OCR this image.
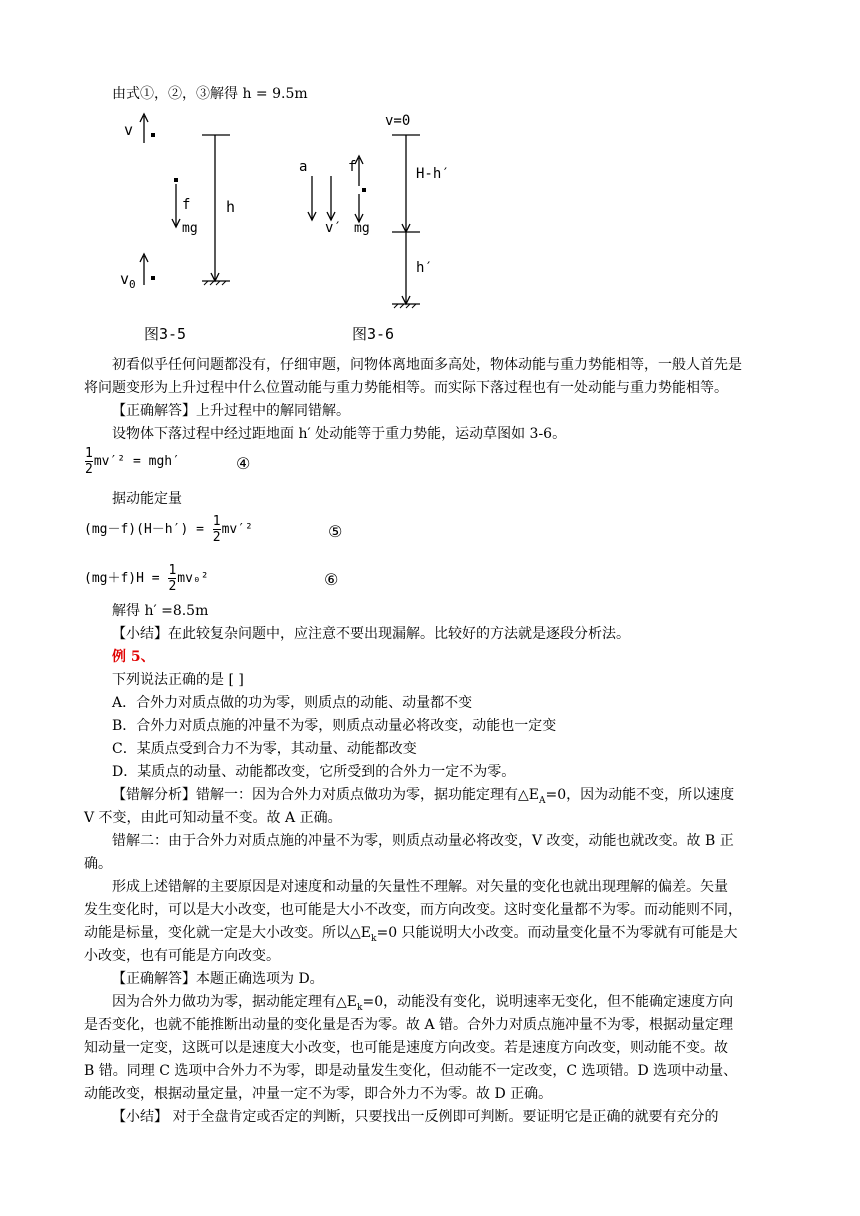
由式①，②，③解得 h = 9.5m
v
f
mg
h
$v_0$
图3-5
a
v′
f
mg
v=0
H-h′
h′
图3-6
初看似乎任何问题都没有，仔细审题，问物体离地面多高处，物体动能与重力势能相等，一般人首先是
将问题变形为上升过程中什么位置动能与重力势能相等。而实际下落过程也有一处动能与重力势能相等。
【正确解答】上升过程中的解同错解。
设物体下落过程中经过距地面 h′ 处动能等于重力势能，运动草图如 3-6。
$\frac{1}{2} mv'^2 = mgh'$	④
据动能定量
$(mg-f)(H-h') = \frac{1}{2} mv'^2$	⑤
$(mg+f)H = \frac{1}{2} mv_0^2$	⑥
解得 h′ =8.5m
【小结】在此较复杂问题中，应注意不要出现漏解。比较好的方法就是逐段分析法。
例 5、
下列说法正确的是 [ ]
A．合外力对质点做的功为零，则质点的动能、动量都不变
B．合外力对质点施的冲量不为零，则质点动量必将改变，动能也一定变
C．某质点受到合力不为零，其动量、动能都改变
D．某质点的动量、动能都改变，它所受到的合外力一定不为零。
【错解分析】错解一：因为合外力对质点做功为零，据功能定理有$\triangle E_A=0$，因为动能不变，所以速度
V 不变，由此可知动量不变。故 A 正确。
错解二：由于合外力对质点施的冲量不为零，则质点动量必将改变，V 改变，动能也就改变。故 B 正
确。
形成上述错解的主要原因是对速度和动量的矢量性不理解。对矢量的变化也就出现理解的偏差。矢量
发生变化时，可以是大小改变，也可能是大小不改变，而方向改变。这时变化量都不为零。而动能则不同，
动能是标量，变化就一定是大小改变。所以$\triangle E_k=0$ 只能说明大小改变。而动量变化量不为零就有可能是大
小改变，也有可能是方向改变。
【正确解答】本题正确选项为 D。
因为合外力做功为零，据动能定理有$\triangle E_k=0$，动能没有变化，说明速率无变化，但不能确定速度方向
是否变化，也就不能推断出动量的变化量是否为零。故 A 错。合外力对质点施冲量不为零，根据动量定理
知动量一定变，这既可以是速度大小改变，也可能是速度方向改变。若是速度方向改变，则动能不变。故
B 错。同理 C 选项中合外力不为零，即是动量发生变化，但动能不一定改变，C 选项错。D 选项中动量、
动能改变，根据动量定量，冲量一定不为零，即合外力不为零。故 D 正确。
【小结】 对于全盘肯定或否定的判断，只要找出一反例即可判断。要证明它是正确的就要有充分的
